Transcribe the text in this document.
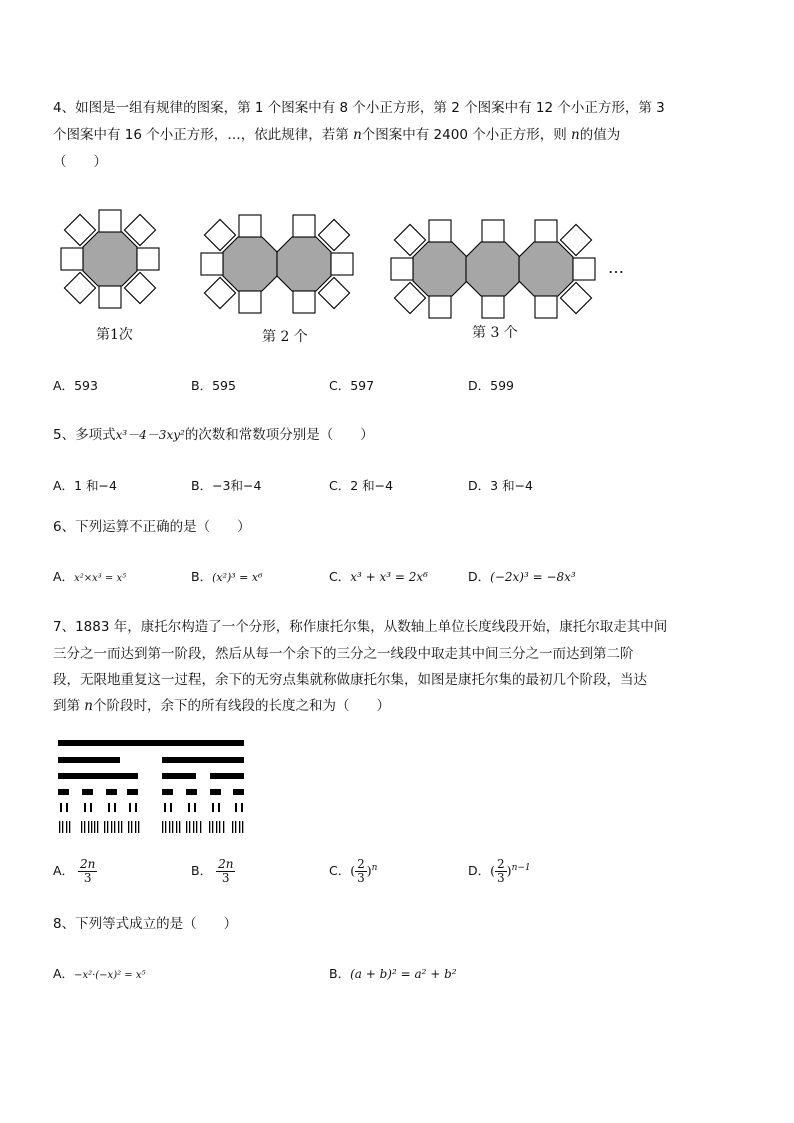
4、如图是一组有规律的图案，第 1 个图案中有 8 个小正方形，第 2 个图案中有 12 个小正方形，第 3
个图案中有 16 个小正方形，…，依此规律，若第 n个图案中有 2400 个小正方形，则 n的值为
（　　）
…
第1次	第 2 个	第 3 个
A．593	B．595	C．597	D．599
5、多项式x³－4－3xy²的次数和常数项分别是（　　）
A．1 和−4	B．−3和−4	C．2 和−4	D．3 和−4
6、下列运算不正确的是（　　）
A．x²×x³ = x⁵	B．(x²)³ = x⁶	C．x³ + x³ = 2x⁶	D．(−2x)³ = −8x³
7、1883 年，康托尔构造了一个分形，称作康托尔集，从数轴上单位长度线段开始，康托尔取走其中间
三分之一而达到第一阶段，然后从每一个余下的三分之一线段中取走其中间三分之一而达到第二阶
段，无限地重复这一过程，余下的无穷点集就称做康托尔集，如图是康托尔集的最初几个阶段，当达
到第 n个阶段时，余下的所有线段的长度之和为（　　）
A． $\frac{2n}{3}$	B． $\frac{2n}{3}$	C．( $\frac{2}{3} )^n$	D．( $\frac{2}{3} )^{n-1}$
8、下列等式成立的是（　　）
A．−x²·(−x)² = x⁵	B．(a + b)² = a² + b²
